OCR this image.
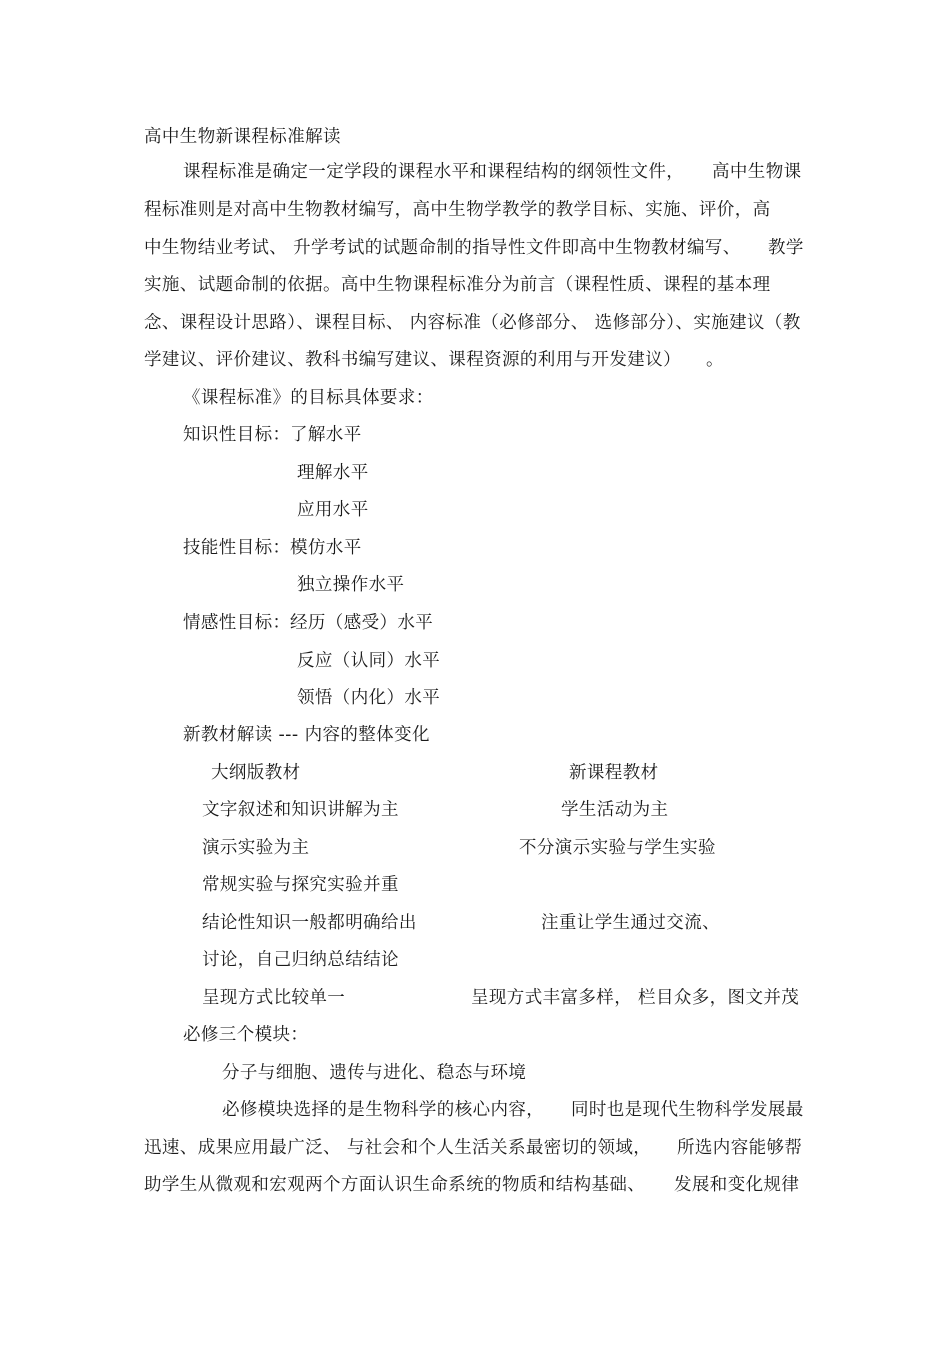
高中生物新课程标准解读
课程标准是确定一定学段的课程水平和课程结构的纲领性文件， 高中生物课
程标准则是对高中生物教材编写，高中生物学教学的教学目标、实施、评价，高
中生物结业考试、 升学考试的试题命制的指导性文件即高中生物教材编写、 教学
实施、试题命制的依据。高中生物课程标准分为前言（课程性质、课程的基本理
念、课程设计思路）、课程目标、 内容标准（必修部分、 选修部分）、实施建议（教
学建议、评价建议、教科书编写建议、课程资源的利用与开发建议） 。
《课程标准》的目标具体要求：
知识性目标： 了解水平
理解水平
应用水平
技能性目标： 模仿水平
独立操作水平
情感性目标： 经历（感受）水平
反应（认同）水平
领悟（内化）水平
新教材解读 --- 内容的整体变化
大纲版教材	新课程教材
文字叙述和知识讲解为主	学生活动为主
演示实验为主	不分演示实验与学生实验
常规实验与探究实验并重
结论性知识一般都明确给出	注重让学生通过交流、
讨论，自己归纳总结结论
呈现方式比较单一	呈现方式丰富多样， 栏目众多，图文并茂
必修三个模块：
分子与细胞、遗传与进化、稳态与环境
必修模块选择的是生物科学的核心内容， 同时也是现代生物科学发展最
迅速、成果应用最广泛、 与社会和个人生活关系最密切的领域， 所选内容能够帮
助学生从微观和宏观两个方面认识生命系统的物质和结构基础、 发展和变化规律
